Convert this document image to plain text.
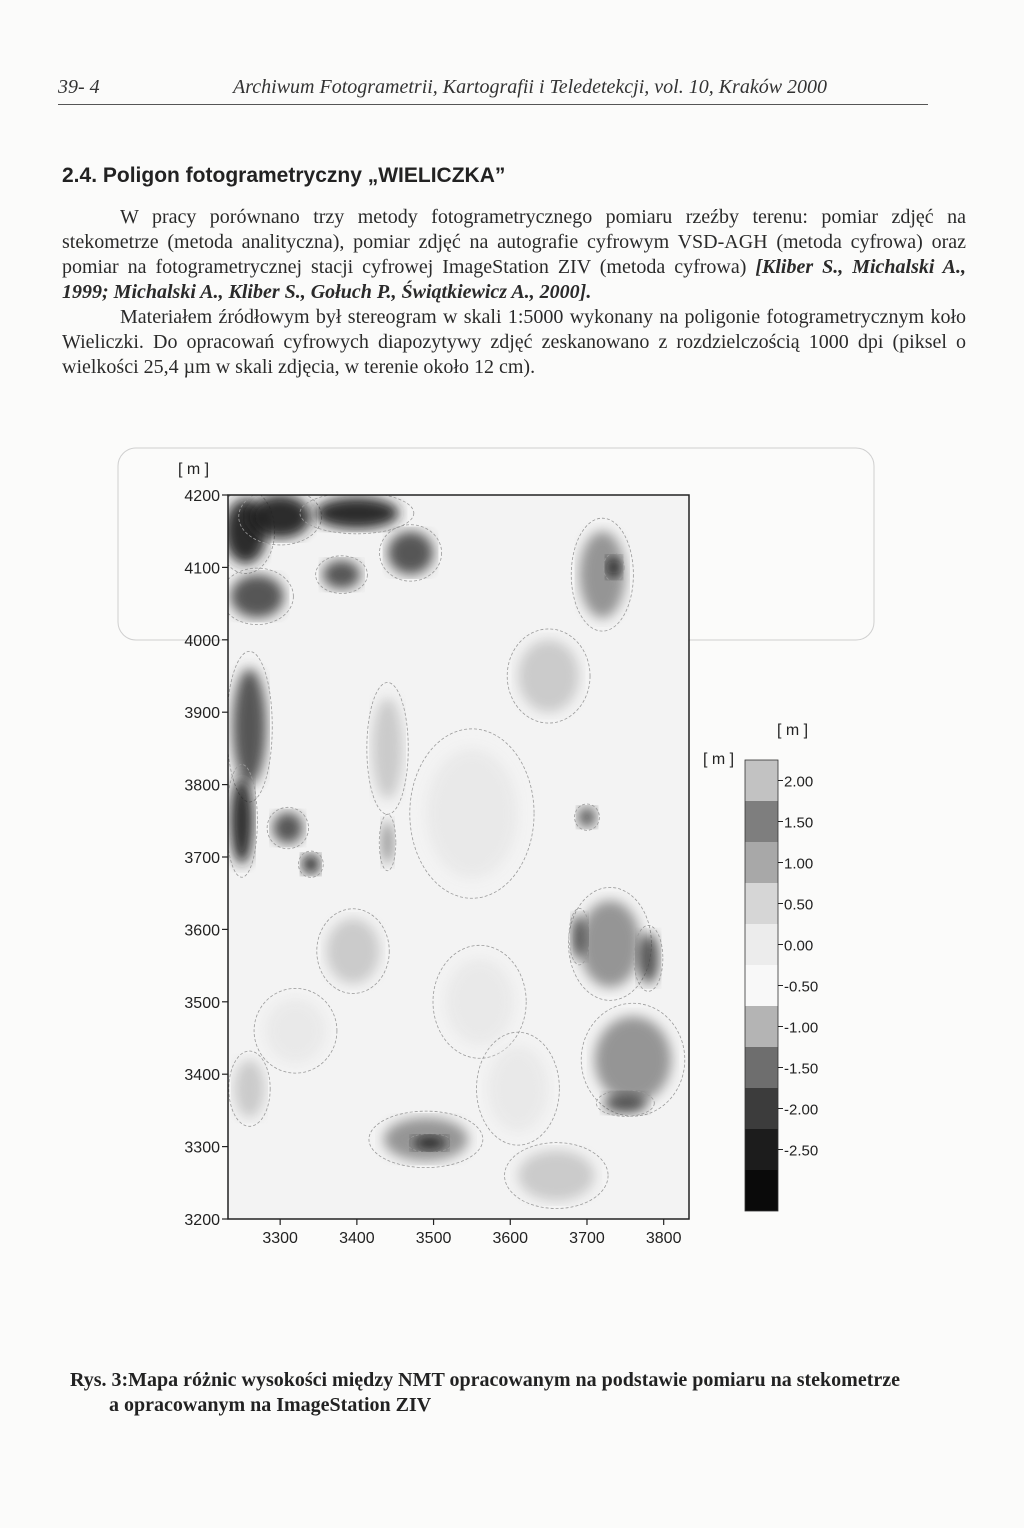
39- 4	Archiwum Fotogrametrii, Kartografii i Teledetekcji, vol. 10, Kraków 2000
2.4. Poligon fotogrametryczny „WIELICZKA”

W pracy porównano trzy metody fotogrametrycznego pomiaru rzeźby terenu: pomiar zdjęć na stekometrze (metoda analityczna), pomiar zdjęć na autografie cyfrowym VSD-AGH (metoda cyfrowa) oraz pomiar na fotogrametrycznej stacji cyfrowej ImageStation ZIV (metoda cyfrowa) [Kliber S., Michalski A., 1999; Michalski A., Kliber S., Gołuch P., Świątkiewicz A., 2000].

Materiałem źródłowym był stereogram w skali 1:5000 wykonany na poligonie fotogrametrycznym koło Wieliczki. Do opracowań cyfrowych diapozytywy zdjęć zeskanowano z rozdzielczością 1000 dpi (piksel o wielkości 25,4 µm w skali zdjęcia, w terenie około 12 cm).

4200
4100
4000
3900
3800
3700
3600
3500
3400
3300
3200
3300	3400	3500	3600	3700	3800
[ m ]
[ m ]
[ m ]
2.00
1.50
1.00
0.50
0.00
-0.50
-1.00
-1.50
-2.00
-2.50
Rys. 3:Mapa różnic wysokości między NMT opracowanym na podstawie pomiaru na stekometrze
a opracowanym na ImageStation ZIV
